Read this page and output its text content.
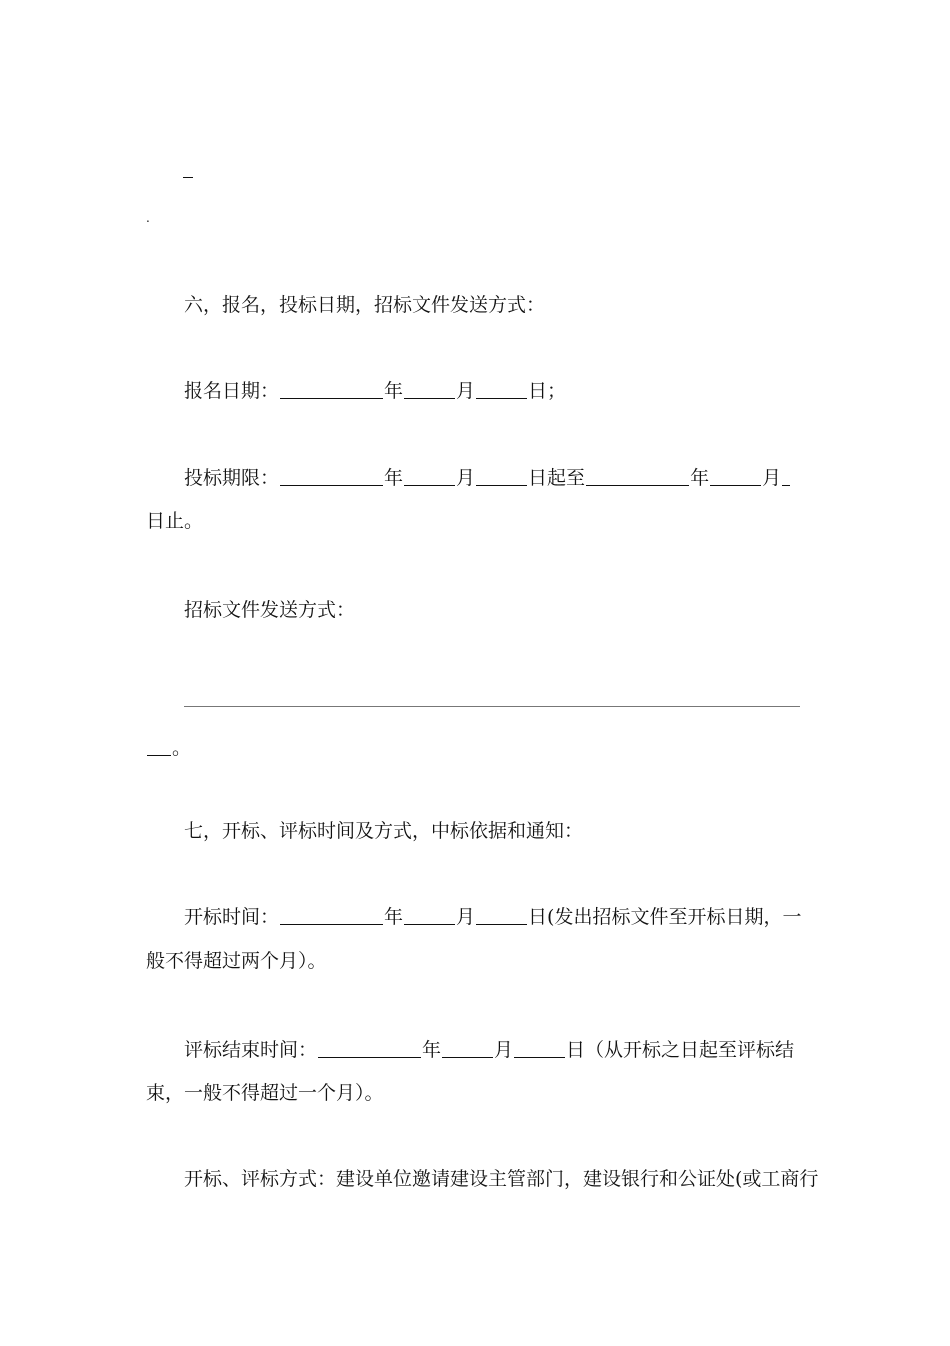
.
六，报名，投标日期，招标文件发送方式：
报名日期：	年	月	日；
投标期限：	年	月	日起至	年	月
日止。
招标文件发送方式：
。
七，开标、评标时间及方式，中标依据和通知：
开标时间：	年	月	日(发出招标文件至开标日期，一
般不得超过两个月）。
评标结束时间：	年	月	日（从开标之日起至评标结
束，一般不得超过一个月）。
开标、评标方式：建设单位邀请建设主管部门，建设银行和公证处(或工商行
